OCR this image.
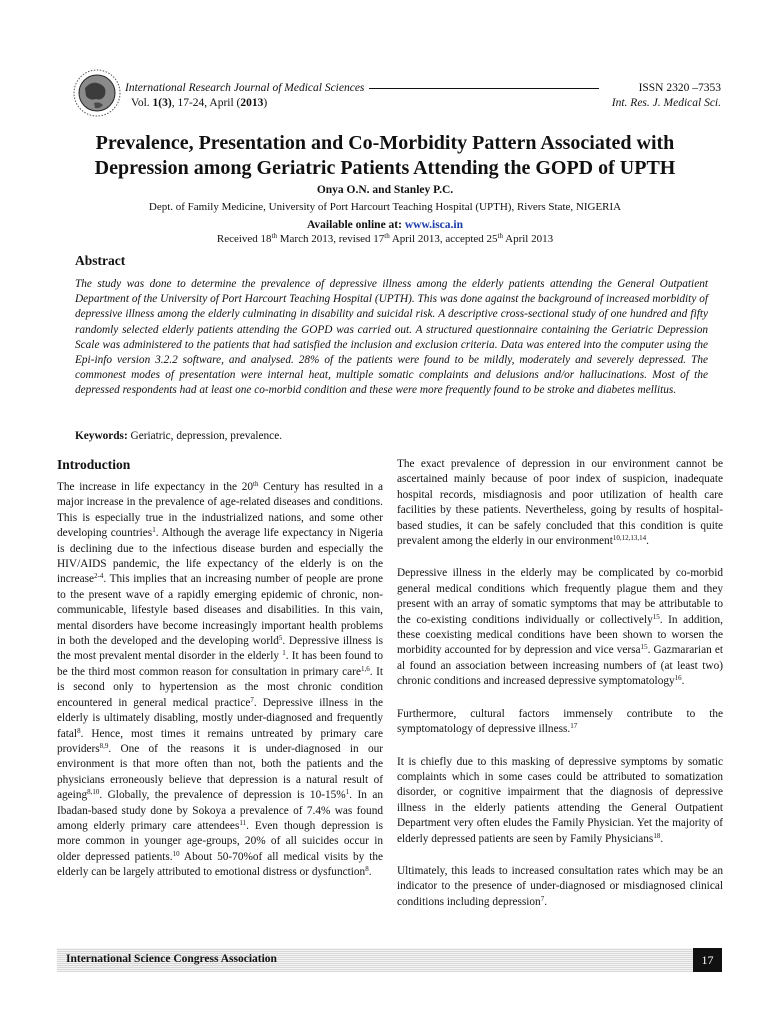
International Research Journal of Medical Sciences	ISSN 2320 –7353
Vol. 1(3), 17-24, April (2013)	Int. Res. J. Medical Sci.
Prevalence, Presentation and Co-Morbidity Pattern Associated with
Depression among Geriatric Patients Attending the GOPD of UPTH
Onya O.N. and Stanley P.C.
Dept. of Family Medicine, University of Port Harcourt Teaching Hospital (UPTH), Rivers State, NIGERIA
Available online at: www.isca.in
Received 18th March 2013, revised 17th April 2013, accepted 25th April 2013
Abstract
The study was done to determine the prevalence of depressive illness among the elderly patients attending the General Outpatient Department of the University of Port Harcourt Teaching Hospital (UPTH). This was done against the background of increased morbidity of depressive illness among the elderly culminating in disability and suicidal risk. A descriptive cross-sectional study of one hundred and fifty randomly selected elderly patients attending the GOPD was carried out. A structured questionnaire containing the Geriatric Depression Scale was administered to the patients that had satisfied the inclusion and exclusion criteria. Data was entered into the computer using the Epi-info version 3.2.2 software, and analysed. 28% of the patients were found to be mildly, moderately and severely depressed. The commonest modes of presentation were internal heat, multiple somatic complaints and delusions and/or hallucinations. Most of the depressed respondents had at least one co-morbid condition and these were more frequently found to be stroke and diabetes mellitus.
Keywords: Geriatric, depression, prevalence.
Introduction
The increase in life expectancy in the 20th Century has resulted in a major increase in the prevalence of age-related diseases and conditions. This is especially true in the industrialized nations, and some other developing countries$^1$. Although the average life expectancy in Nigeria is declining due to the infectious disease burden and especially the HIV/AIDS pandemic, the life expectancy of the elderly is on the increase$^{2-4}$. This implies that an increasing number of people are prone to the present wave of a rapidly emerging epidemic of chronic, non-communicable, lifestyle based diseases and disabilities. In this vain, mental disorders have become increasingly important health problems in both the developed and the developing world$^5$. Depressive illness is the most prevalent mental disorder in the elderly $^1$. It has been found to be the third most common reason for consultation in primary care$^{1,6}$. It is second only to hypertension as the most chronic condition encountered in general medical practice$^7$. Depressive illness in the elderly is ultimately disabling, mostly under-diagnosed and frequently fatal$^8$. Hence, most times it remains untreated by primary care providers$^{8,9}$. One of the reasons it is under-diagnosed in our environment is that more often than not, both the patients and the physicians erroneously believe that depression is a natural result of ageing$^{8,10}$. Globally, the prevalence of depression is 10-15%$^1$. In an Ibadan-based study done by Sokoya a prevalence of 7.4% was found among elderly primary care attendees$^{11}$. Even though depression is more common in younger age-groups, 20% of all suicides occur in older depressed patients.$^{10}$ About 50-70%of all medical visits by the elderly can be largely attributed to emotional distress or dysfunction$^8$.

The exact prevalence of depression in our environment cannot be ascertained mainly because of poor index of suspicion, inadequate hospital records, misdiagnosis and poor utilization of health care facilities by these patients. Nevertheless, going by results of hospital-based studies, it can be safely concluded that this condition is quite prevalent among the elderly in our environment$^{10,12,13,14}$.

Depressive illness in the elderly may be complicated by co-morbid general medical conditions which frequently plague them and they present with an array of somatic symptoms that may be attributable to the co-existing conditions individually or collectively$^{15}$. In addition, these coexisting medical conditions have been shown to worsen the morbidity accounted for by depression and vice versa$^{15}$. Gazmararian et al found an association between increasing numbers of (at least two) chronic conditions and increased depressive symptomatology$^{16}$.

Furthermore, cultural factors immensely contribute to the symptomatology of depressive illness.$^{17}$

It is chiefly due to this masking of depressive symptoms by somatic complaints which in some cases could be attributed to somatization disorder, or cognitive impairment that the diagnosis of depressive illness in the elderly patients attending the General Outpatient Department very often eludes the Family Physician. Yet the majority of elderly depressed patients are seen by Family Physicians$^{18}$.

Ultimately, this leads to increased consultation rates which may be an indicator to the presence of under-diagnosed or misdiagnosed clinical conditions including depression$^7$.

International Science Congress Association	17
